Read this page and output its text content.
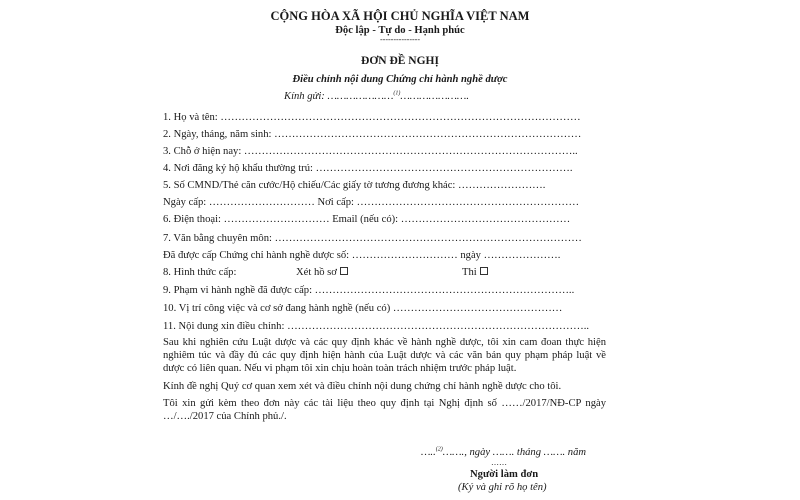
CỘNG HÒA XÃ HỘI CHỦ NGHĨA VIỆT NAM
Độc lập - Tự do - Hạnh phúc
---------------
ĐƠN ĐỀ NGHỊ
Điều chỉnh nội dung Chứng chỉ hành nghề dược
Kính gửi: …………………$^{(1)}$………………….
1. Họ và tên: …………………………………………………………………………………………
2. Ngày, tháng, năm sinh: ……………………………………………………………………………
3. Chỗ ở hiện nay: …………………………………………………………………………………..
4. Nơi đăng ký hộ khẩu thường trú: ……………………………………………………………….
5. Số CMND/Thẻ căn cước/Hộ chiếu/Các giấy tờ tương đương khác: …………………….
Ngày cấp: ………………………… Nơi cấp: ………………………………………………………
6. Điện thoại: ………………………… Email (nếu có): …………………………………………
7. Văn bằng chuyên môn: ……………………………………………………………………………
Đã được cấp Chứng chỉ hành nghề dược số: ………………………… ngày ………………….
8. Hình thức cấp:	Xét hồ sơ	Thi
9. Phạm vi hành nghề đã được cấp: ………………………………………………………………..
10. Vị trí công việc và cơ sở đang hành nghề (nếu có) …………………………………………
11. Nội dung xin điều chỉnh: …………………………………………………………………………..
Sau khi nghiên cứu Luật dược và các quy định khác về hành nghề dược, tôi xin cam đoan thực hiện nghiêm túc và đầy đủ các quy định hiện hành của Luật dược và các văn bản quy phạm pháp luật về dược có liên quan. Nếu vi phạm tôi xin chịu hoàn toàn trách nhiệm trước pháp luật.
Kính đề nghị Quý cơ quan xem xét và điều chỉnh nội dung chứng chỉ hành nghề dược cho tôi.
Tôi xin gửi kèm theo đơn này các tài liệu theo quy định tại Nghị định số ……/2017/NĐ-CP ngày …/…./2017 của Chính phủ./.
…..$^{(2)}$……., ngày ……. tháng ……. năm
……
Người làm đơn
(Ký và ghi rõ họ tên)
